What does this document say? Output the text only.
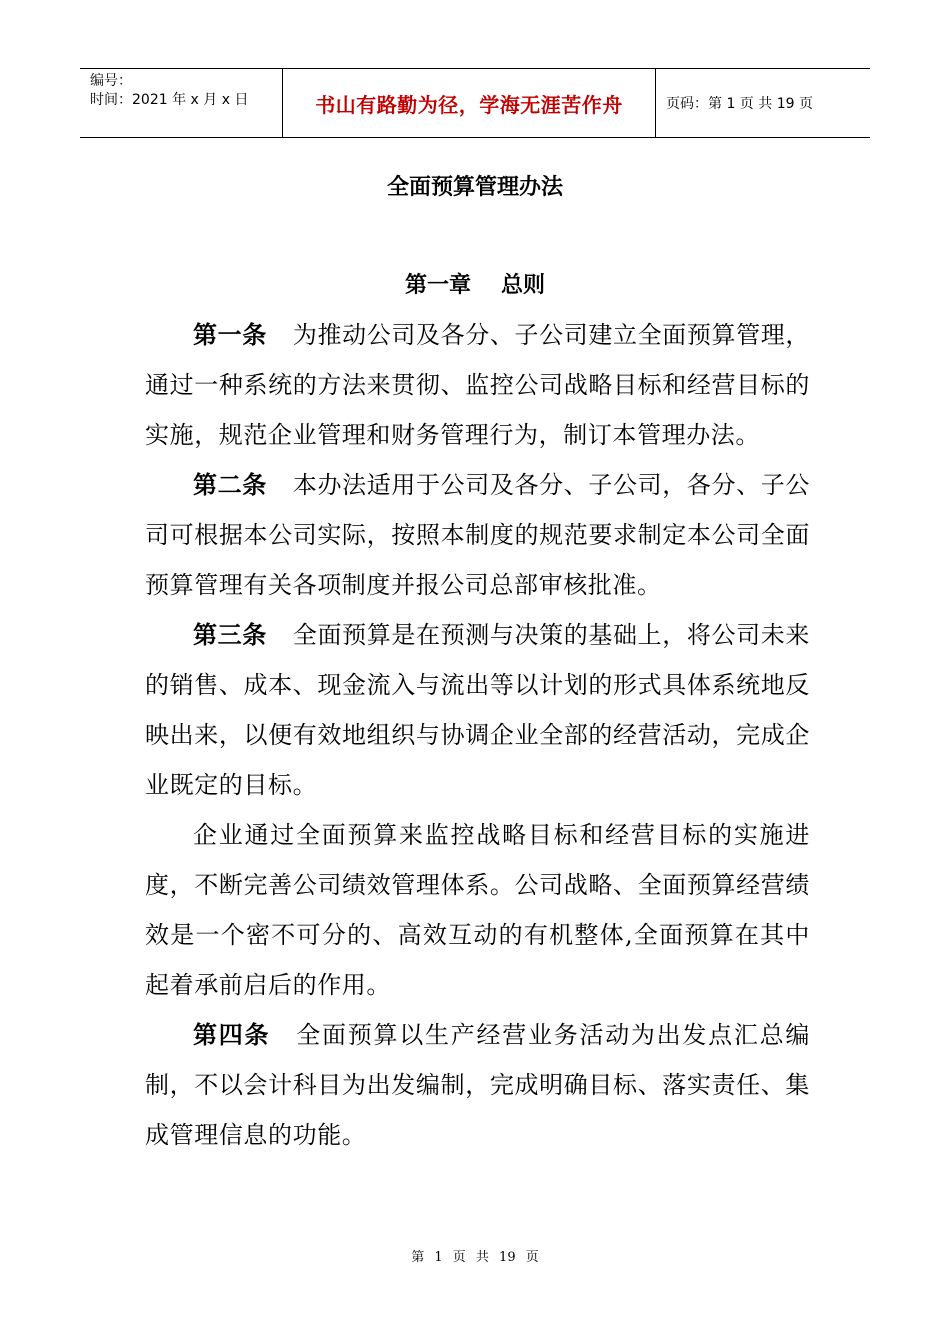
编号：
时间：2021 年 x 月 x 日	书山有路勤为径，学海无涯苦作舟	页码：第 1 页 共 19 页
全面预算管理办法
第一章 总则

第一条 为推动公司及各分、子公司建立全面预算管理，通过一种系统的方法来贯彻、监控公司战略目标和经营目标的实施，规范企业管理和财务管理行为，制订本管理办法。

第二条 本办法适用于公司及各分、子公司，各分、子公司可根据本公司实际，按照本制度的规范要求制定本公司全面预算管理有关各项制度并报公司总部审核批准。

第三条 全面预算是在预测与决策的基础上，将公司未来的销售、成本、现金流入与流出等以计划的形式具体系统地反映出来，以便有效地组织与协调企业全部的经营活动，完成企业既定的目标。

企业通过全面预算来监控战略目标和经营目标的实施进度，不断完善公司绩效管理体系。公司战略、全面预算经营绩效是一个密不可分的、高效互动的有机整体,全面预算在其中起着承前启后的作用。

第四条 全面预算以生产经营业务活动为出发点汇总编制，不以会计科目为出发编制，完成明确目标、落实责任、集成管理信息的功能。

第 1 页 共 19 页
